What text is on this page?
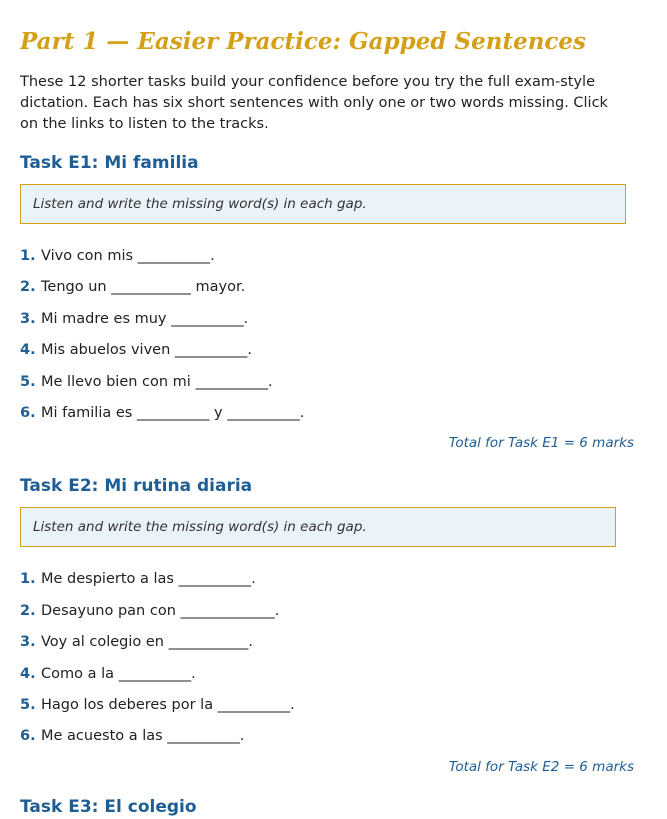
Part 1 — Easier Practice: Gapped Sentences

These 12 shorter tasks build your confidence before you try the full exam-style dictation. Each has six short sentences with only one or two words missing. Click on the links to listen to the tracks.

Task E1: Mi familia
Listen and write the missing word(s) in each gap.
1. Vivo con mis __________.
2. Tengo un ___________ mayor.
3. Mi madre es muy __________.
4. Mis abuelos viven __________.
5. Me llevo bien con mi __________.
6. Mi familia es __________ y __________.
Total for Task E1 = 6 marks
Task E2: Mi rutina diaria
Listen and write the missing word(s) in each gap.
1. Me despierto a las __________.
2. Desayuno pan con _____________.
3. Voy al colegio en ___________.
4. Como a la __________.
5. Hago los deberes por la __________.
6. Me acuesto a las __________.
Total for Task E2 = 6 marks
Task E3: El colegio
